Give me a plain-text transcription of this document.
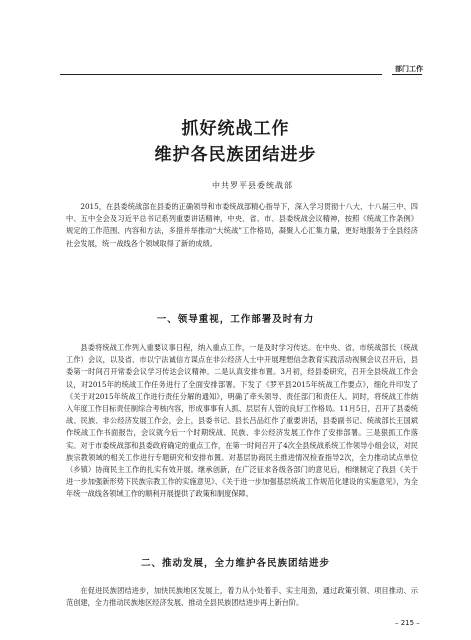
部门工作

抓好统战工作

维护各民族团结进步

中共罗平县委统战部

2015，在县委统战部在县委的正确领导和市委统战部精心指导下，深入学习贯彻十八大、十八届三中、四中、五中全会及习近平总书记系列重要讲话精神，中央、省、市、县委统战会议精神，按照《统战工作条例》规定的工作范围、内容和方法，多措并举推动“大统战”工作格局，凝聚人心汇集力量，更好地服务于全县经济社会发展，统一战线各个领域取得了新的成绩。

一、领导重视，工作部署及时有力

县委将统战工作列入重要议事日程，纳入重点工作，一是及时学习传达。在中央、省、市统战部长（统战工作）会议，以及省、市以宁法诚信方谋点在非公经济人士中开展理想信念教育实践活动视频会议召开后，县委第一时间召开常委会议学习传达会议精神。二是认真安排布置。3月初，经县委研究，召开全县统战工作会议，对2015年的统战工作任务进行了全面安排部署。下发了《罗平县2015年统战工作要点》，细化并印发了《关于对2015年统战工作进行责任分解的通知》，明确了牵头领导、责任部门和责任人。同时，将统战工作纳入年度工作目标责任制综合考核内容，形成事事有人抓、层层有人管的良好工作格局。11月5日，召开了县委统战、民族、非公经济发展工作会，会上，县委书记、县长吕品红作了重要讲话，县委副书记、统战部长王国斌作统战工作书面报告，会议就今后一个时期统战、民族、非公经济发展工作作了安排部署。三是狠抓工作落实。对于市委统战部和县委政府确定的重点工作，在第一时间召开了4次全县统战系统工作领导小组会议，对民族宗教领域的相关工作进行专题研究和安排布置。对基层协商民主推进情况检查指导2次，全力推动试点单位（乡镇）协商民主工作的扎实有效开展。继承创新，在广泛征求各级各部门的意见后，相继制定了我县《关于进一步加强新形势下民族宗教工作的实施意见》、《关于进一步加强基层统战工作规范化建设的实施意见》，为全年统一战线各领域工作的顺利开展提供了政策和制度保障。

二、推动发展，全力维护各民族团结进步

在促进民族团结进步，加快民族地区发展上，着力从小处着手、实主用劲，通过政策引领、项目推动、示范创建，全力推动民族地区经济发展、推动全县民族团结进步再上新台阶。

– 215 –
